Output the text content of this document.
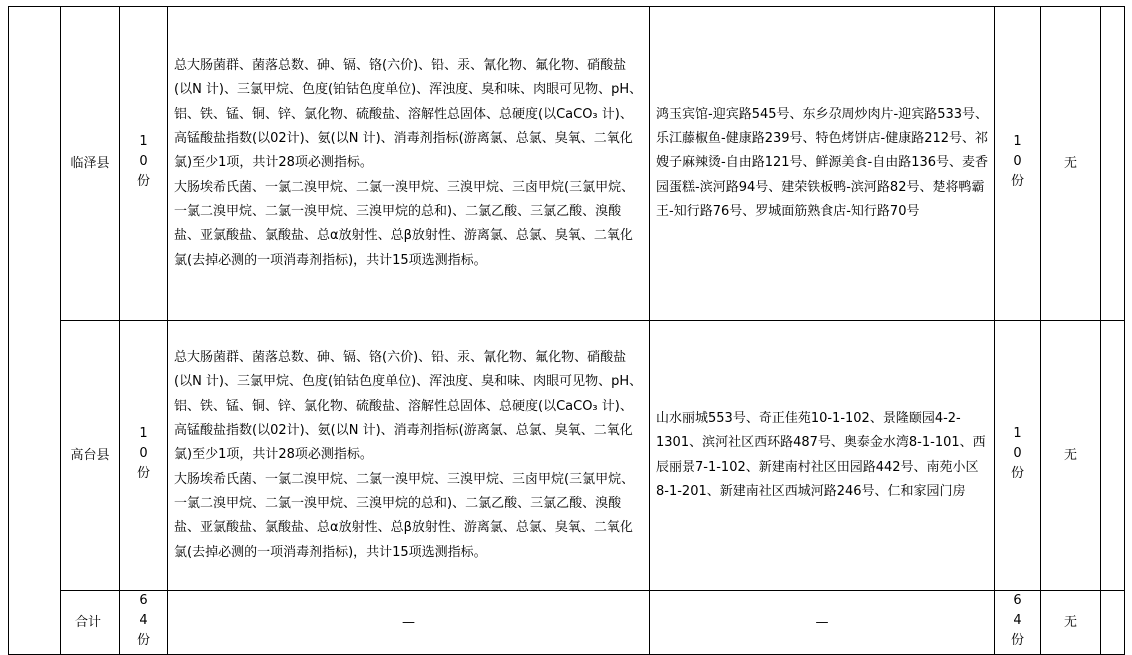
	临泽县	10份	总大肠菌群、菌落总数、砷、镉、铬(六价)、铅、汞、氰化物、氟化物、硝酸盐(以N 计)、三氯甲烷、色度(铂钴色度单位)、浑浊度、臭和味、肉眼可见物、pH、铝、铁、锰、铜、锌、氯化物、硫酸盐、溶解性总固体、总硬度(以CaCO₃ 计)、高锰酸盐指数(以02计)、氨(以N 计)、消毒剂指标(游离氯、总氯、臭氧、二氧化氯)至少1项，共计28项必测指标。
大肠埃希氏菌、一氯二溴甲烷、二氯一溴甲烷、三溴甲烷、三卤甲烷(三氯甲烷、一氯二溴甲烷、二氯一溴甲烷、三溴甲烷的总和)、二氯乙酸、三氯乙酸、溴酸盐、亚氯酸盐、氯酸盐、总α放射性、总β放射性、游离氯、总氯、臭氧、二氧化氯(去掉必测的一项消毒剂指标)，共计15项选测指标。	鸿玉宾馆-迎宾路545号、东乡尕周炒肉片-迎宾路533号、乐江藤椒鱼-健康路239号、特色烤饼店-健康路212号、祁嫂子麻辣烫-自由路121号、鲜源美食-自由路136号、麦香园蛋糕-滨河路94号、建荣铁板鸭-滨河路82号、楚将鸭霸王-知行路76号、罗城面筋熟食店-知行路70号	10份	无	
	高台县	10份	总大肠菌群、菌落总数、砷、镉、铬(六价)、铅、汞、氰化物、氟化物、硝酸盐(以N 计)、三氯甲烷、色度(铂钴色度单位)、浑浊度、臭和味、肉眼可见物、pH、铝、铁、锰、铜、锌、氯化物、硫酸盐、溶解性总固体、总硬度(以CaCO₃ 计)、高锰酸盐指数(以02计)、氨(以N 计)、消毒剂指标(游离氯、总氯、臭氧、二氧化氯)至少1项，共计28项必测指标。
大肠埃希氏菌、一氯二溴甲烷、二氯一溴甲烷、三溴甲烷、三卤甲烷(三氯甲烷、一氯二溴甲烷、二氯一溴甲烷、三溴甲烷的总和)、二氯乙酸、三氯乙酸、溴酸盐、亚氯酸盐、氯酸盐、总α放射性、总β放射性、游离氯、总氯、臭氧、二氧化氯(去掉必测的一项消毒剂指标)，共计15项选测指标。	山水丽城553号、奇正佳苑10-1-102、景隆颐园4-2-1301、滨河社区西环路487号、奥泰金水湾8-1-101、西辰丽景7-1-102、新建南村社区田园路442号、南苑小区8-1-201、新建南社区西城河路246号、仁和家园门房	10份	无	
	合计	64份	—	—	64份	无	
